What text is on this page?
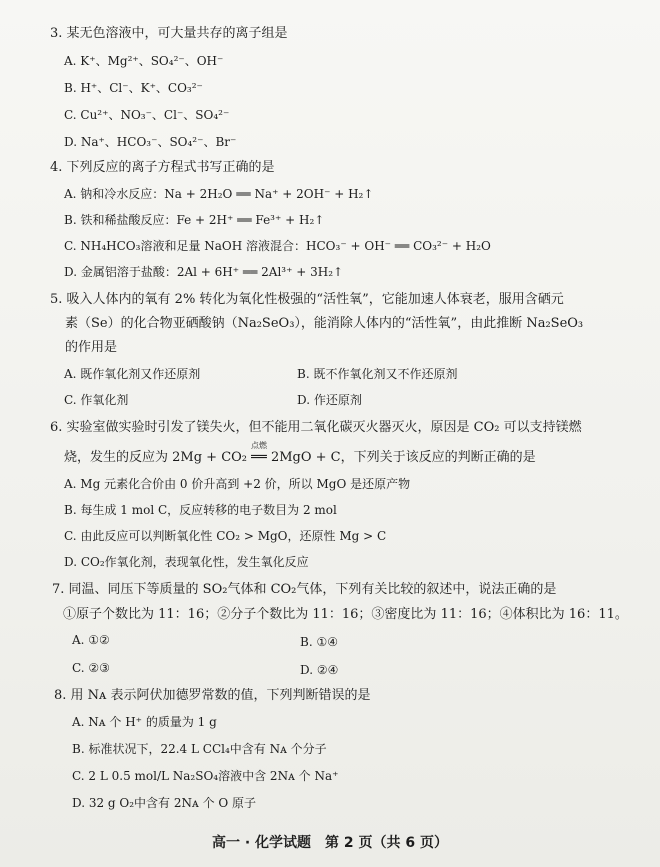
3. 某无色溶液中，可大量共存的离子组是
A. K⁺、Mg²⁺、SO₄²⁻、OH⁻
B. H⁺、Cl⁻、K⁺、CO₃²⁻
C. Cu²⁺、NO₃⁻、Cl⁻、SO₄²⁻
D. Na⁺、HCO₃⁻、SO₄²⁻、Br⁻
4. 下列反应的离子方程式书写正确的是
A. 钠和冷水反应：Na + 2H₂O ══ Na⁺ + 2OH⁻ + H₂↑
B. 铁和稀盐酸反应：Fe + 2H⁺ ══ Fe³⁺ + H₂↑
C. NH₄HCO₃溶液和足量 NaOH 溶液混合：HCO₃⁻ + OH⁻ ══ CO₃²⁻ + H₂O
D. 金属铝溶于盐酸：2Al + 6H⁺ ══ 2Al³⁺ + 3H₂↑
5. 吸入人体内的氧有 2% 转化为氧化性极强的“活性氧”，它能加速人体衰老，服用含硒元
素（Se）的化合物亚硒酸钠（Na₂SeO₃），能消除人体内的“活性氧”，由此推断 Na₂SeO₃
的作用是
A. 既作氧化剂又作还原剂	B. 既不作氧化剂又不作还原剂
C. 作氧化剂	D. 作还原剂
6. 实验室做实验时引发了镁失火，但不能用二氧化碳灭火器灭火，原因是 CO₂ 可以支持镁燃
烧，发生的反应为 2Mg + CO₂
点燃
══ 2MgO + C，下列关于该反应的判断正确的是
A. Mg 元素化合价由 0 价升高到 +2 价，所以 MgO 是还原产物
B. 每生成 1 mol C，反应转移的电子数目为 2 mol
C. 由此反应可以判断氧化性 CO₂ > MgO，还原性 Mg > C
D. CO₂作氧化剂，表现氧化性，发生氧化反应
7. 同温、同压下等质量的 SO₂气体和 CO₂气体，下列有关比较的叙述中，说法正确的是
①原子个数比为 11：16；②分子个数比为 11：16；③密度比为 11：16；④体积比为 16：11。
A. ①②	B. ①④
C. ②③	D. ②④
8. 用 Nᴀ 表示阿伏加德罗常数的值，下列判断错误的是
A. Nᴀ 个 H⁺ 的质量为 1 g
B. 标准状况下，22.4 L CCl₄中含有 Nᴀ 个分子
C. 2 L 0.5 mol/L Na₂SO₄溶液中含 2Nᴀ 个 Na⁺
D. 32 g O₂中含有 2Nᴀ 个 O 原子
高一 · 化学试题　第 2 页（共 6 页）
